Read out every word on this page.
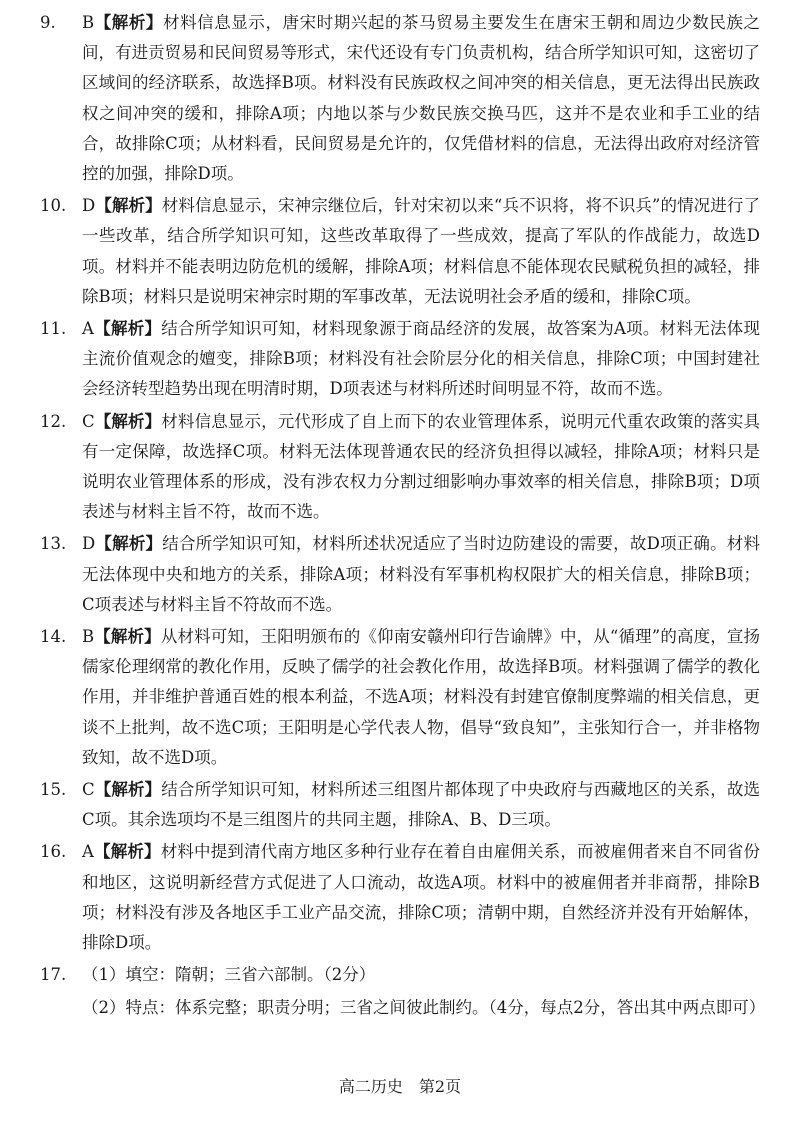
9.	B【解析】材料信息显示，唐宋时期兴起的茶马贸易主要发生在唐宋王朝和周边少数民族之间，有进贡贸易和民间贸易等形式，宋代还设有专门负责机构，结合所学知识可知，这密切了区域间的经济联系，故选择B项。材料没有民族政权之间冲突的相关信息，更无法得出民族政权之间冲突的缓和，排除A项；内地以茶与少数民族交换马匹，这并不是农业和手工业的结合，故排除C项；从材料看，民间贸易是允许的，仅凭借材料的信息，无法得出政府对经济管控的加强，排除D项。
10. D【解析】材料信息显示，宋神宗继位后，针对宋初以来“兵不识将，将不识兵”的情况进行了一些改革，结合所学知识可知，这些改革取得了一些成效，提高了军队的作战能力，故选D项。材料并不能表明边防危机的缓解，排除A项；材料信息不能体现农民赋税负担的减轻，排除B项；材料只是说明宋神宗时期的军事改革，无法说明社会矛盾的缓和，排除C项。
11. A【解析】结合所学知识可知，材料现象源于商品经济的发展，故答案为A项。材料无法体现主流价值观念的嬗变，排除B项；材料没有社会阶层分化的相关信息，排除C项；中国封建社会经济转型趋势出现在明清时期，D项表述与材料所述时间明显不符，故而不选。
12. C【解析】材料信息显示，元代形成了自上而下的农业管理体系，说明元代重农政策的落实具有一定保障，故选择C项。材料无法体现普通农民的经济负担得以减轻，排除A项；材料只是说明农业管理体系的形成，没有涉农权力分割过细影响办事效率的相关信息，排除B项；D项表述与材料主旨不符，故而不选。
13. D【解析】结合所学知识可知，材料所述状况适应了当时边防建设的需要，故D项正确。材料无法体现中央和地方的关系，排除A项；材料没有军事机构权限扩大的相关信息，排除B项；C项表述与材料主旨不符故而不选。
14. B【解析】从材料可知，王阳明颁布的《仰南安赣州印行告谕牌》中，从“循理”的高度，宣扬儒家伦理纲常的教化作用，反映了儒学的社会教化作用，故选择B项。材料强调了儒学的教化作用，并非维护普通百姓的根本利益，不选A项；材料没有封建官僚制度弊端的相关信息，更谈不上批判，故不选C项；王阳明是心学代表人物，倡导“致良知”，主张知行合一，并非格物致知，故不选D项。
15. C【解析】结合所学知识可知，材料所述三组图片都体现了中央政府与西藏地区的关系，故选C项。其余选项均不是三组图片的共同主题，排除A、B、D三项。
16. A【解析】材料中提到清代南方地区多种行业存在着自由雇佣关系，而被雇佣者来自不同省份和地区，这说明新经营方式促进了人口流动，故选A项。材料中的被雇佣者并非商帮，排除B项；材料没有涉及各地区手工业产品交流，排除C项；清朝中期，自然经济并没有开始解体，排除D项。
17. （1）填空：隋朝；三省六部制。（2分）
（2）特点：体系完整；职责分明；三省之间彼此制约。（4分，每点2分，答出其中两点即可）
高二历史　第2页
